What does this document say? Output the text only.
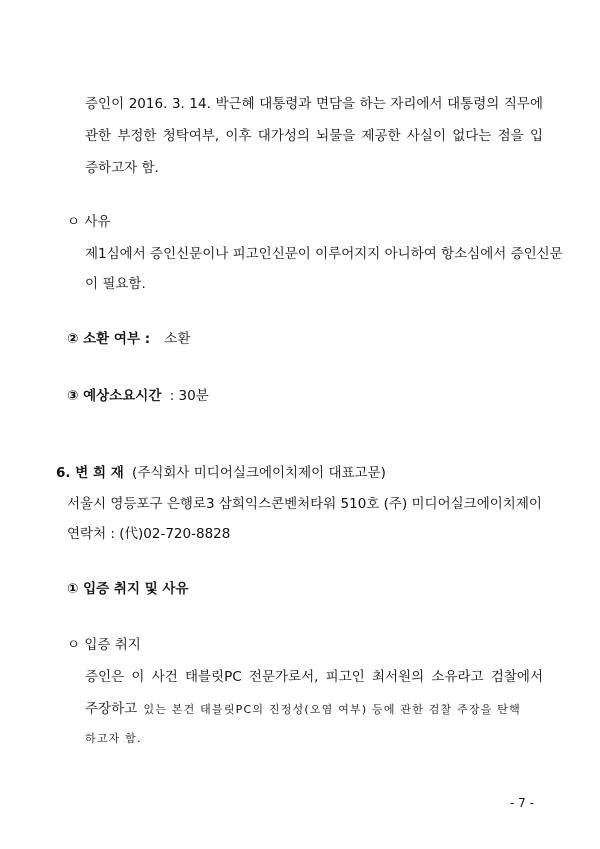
증인이 2016. 3. 14. 박근혜 대통령과 면담을 하는 자리에서 대통령의 직무에
관한 부정한 청탁여부, 이후 대가성의 뇌물을 제공한 사실이 없다는 점을 입
증하고자 함.
ㅇ 사유
제1심에서 증인신문이나 피고인신문이 이루어지지 아니하여 항소심에서 증인신문
이 필요함.
② 소환 여부 : 소환
③ 예상소요시간 : 30분
6. 변 희 재 (주식회사 미디어실크에이치제이 대표고문)
서울시 영등포구 은행로3 삼희익스콘벤처타워 510호 (주) 미디어실크에이치제이
연락처 : (代)02-720-8828
① 입증 취지 및 사유
ㅇ 입증 취지
증인은 이 사건 태블릿PC 전문가로서, 피고인 최서원의 소유라고 검찰에서
주장하고 있는 본건 태블릿PC의 진정성(오염 여부) 등에 관한 검찰 주장을 탄핵
하고자 함.
- 7 -
